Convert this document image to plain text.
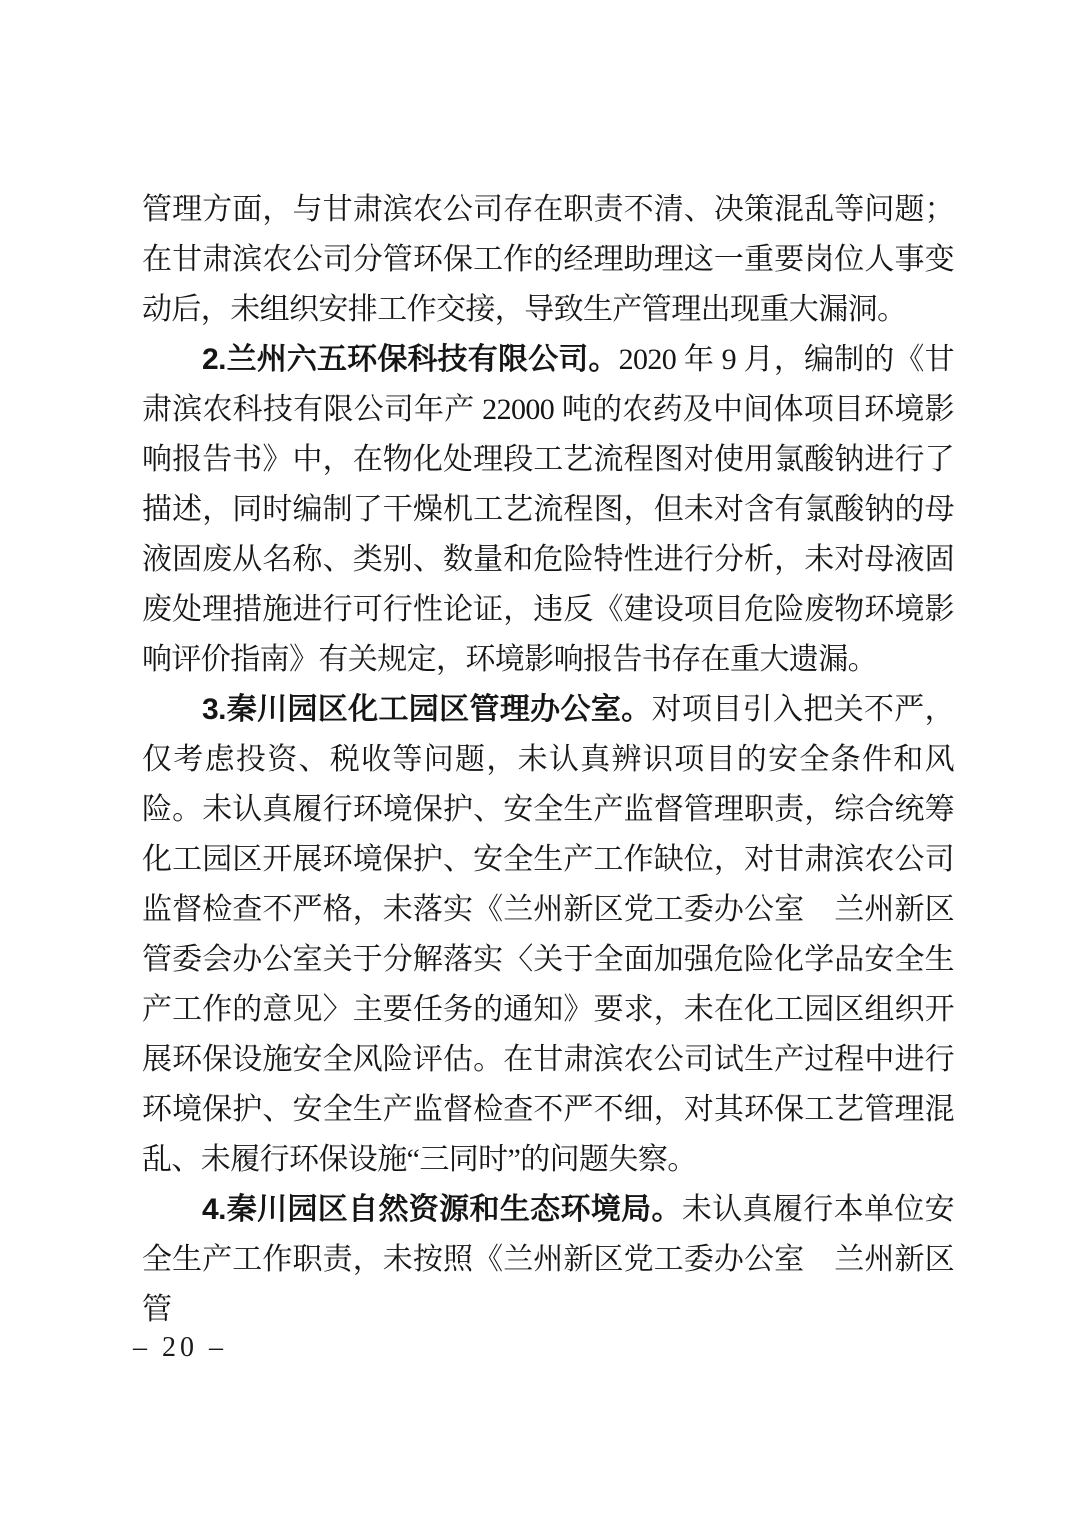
管理方面，与甘肃滨农公司存在职责不清、决策混乱等问题；在甘肃滨农公司分管环保工作的经理助理这一重要岗位人事变动后，未组织安排工作交接，导致生产管理出现重大漏洞。

2.兰州六五环保科技有限公司。2020 年 9 月，编制的《甘肃滨农科技有限公司年产 22000 吨的农药及中间体项目环境影响报告书》中，在物化处理段工艺流程图对使用氯酸钠进行了描述，同时编制了干燥机工艺流程图，但未对含有氯酸钠的母液固废从名称、类别、数量和危险特性进行分析，未对母液固废处理措施进行可行性论证，违反《建设项目危险废物环境影响评价指南》有关规定，环境影响报告书存在重大遗漏。

3.秦川园区化工园区管理办公室。对项目引入把关不严，仅考虑投资、税收等问题，未认真辨识项目的安全条件和风险。未认真履行环境保护、安全生产监督管理职责，综合统筹化工园区开展环境保护、安全生产工作缺位，对甘肃滨农公司监督检查不严格，未落实《兰州新区党工委办公室　兰州新区管委会办公室关于分解落实〈关于全面加强危险化学品安全生产工作的意见〉主要任务的通知》要求，未在化工园区组织开展环保设施安全风险评估。在甘肃滨农公司试生产过程中进行环境保护、安全生产监督检查不严不细，对其环保工艺管理混乱、未履行环保设施“三同时”的问题失察。

4.秦川园区自然资源和生态环境局。未认真履行本单位安全生产工作职责，未按照《兰州新区党工委办公室　兰州新区管

– 20 –
